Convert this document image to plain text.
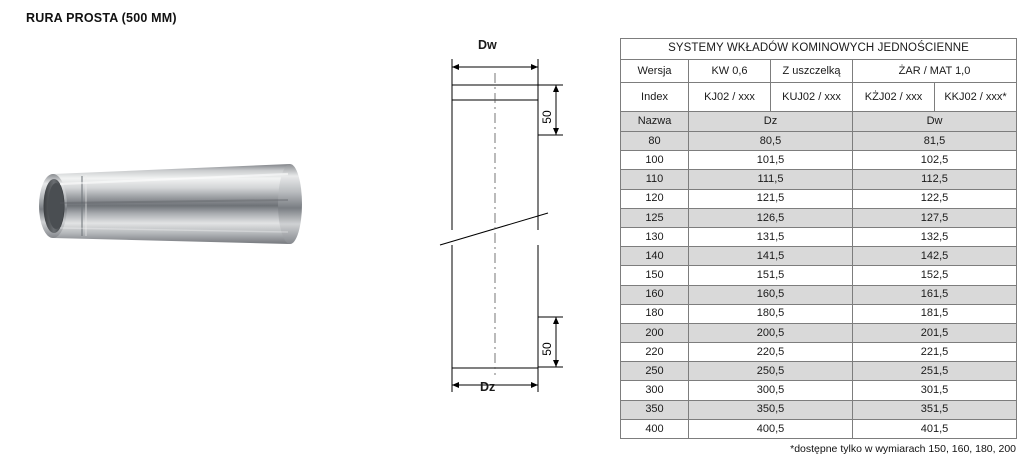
RURA PROSTA (500 MM)
50
50
Dw
Dz
SYSTEMY WKŁADÓW KOMINOWYCH JEDNOŚCIENNE				
Wersja	KW 0,6	Z uszczelką	ŻAR / MAT 1,0	
Index	KJ02 / xxx	KUJ02 / xxx	KŻJ02 / xxx	KKJ02 / xxx*
Nazwa	Dz		Dw	
80	80,5		81,5	
100	101,5		102,5	
110	111,5		112,5	
120	121,5		122,5	
125	126,5		127,5	
130	131,5		132,5	
140	141,5		142,5	
150	151,5		152,5	
160	160,5		161,5	
180	180,5		181,5	
200	200,5		201,5	
220	220,5		221,5	
250	250,5		251,5	
300	300,5		301,5	
350	350,5		351,5	
400	400,5		401,5	
*dostępne tylko w wymiarach 150, 160, 180, 200
